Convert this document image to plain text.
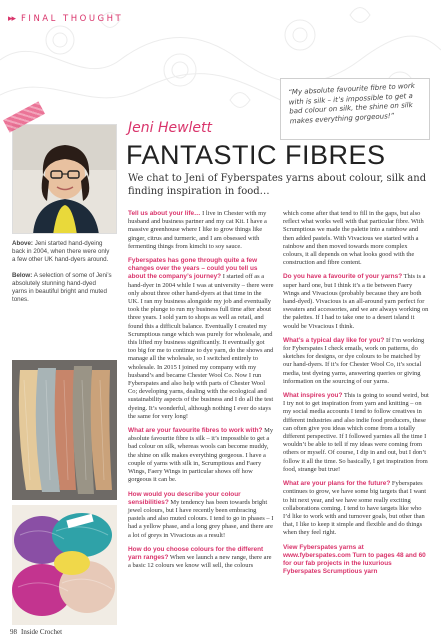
▸▸ FINAL THOUGHT
“My absolute favourite fibre to work with is silk – it’s impossible to get a bad colour on silk, the shine on silk makes everything gorgeous!”
Above: Jeni started hand-dyeing back in 2004, when there were only a few other UK hand-dyers around.
Below: A selection of some of Jeni’s absolutely stunning hand-dyed yarns in beautiful bright and muted tones.
Jeni Hewlett
FANTASTIC FIBRES
We chat to Jeni of Fyberspates yarns about colour, silk and finding inspiration in food…

Tell us about your life… I live in Chester with my husband and business partner and my cat Kit. I have a massive greenhouse where I like to grow things like ginger, citrus and turmeric, and I am obsessed with fermenting things from kimchi to soy sauce.

Fyberspates has gone through quite a few changes over the years – could you tell us about the company’s journey? I started off as a hand-dyer in 2004 while I was at university – there were only about three other hand-dyers at that time in the UK. I ran my business alongside my job and eventually took the plunge to run my business full time after about three years. I sold yarn to shops as well as retail, and found this a difficult balance. Eventually I created my Scrumptious range which was purely for wholesale, and this lifted my business significantly. It eventually got too big for me to continue to dye yarn, do the shows and manage all the wholesale, so I switched entirely to wholesale. In 2015 I joined my company with my husband’s and became Chester Wool Co. Now I run Fyberspates and also help with parts of Chester Wool Co; developing yarns, dealing with the ecological and sustainability aspects of the business and I do all the test dyeing. It’s wonderful, although nothing I ever do stays the same for very long!

What are your favourite fibres to work with? My absolute favourite fibre is silk – it’s impossible to get a bad colour on silk, whereas wools can become muddy, the shine on silk makes everything gorgeous. I have a couple of yarns with silk in, Scrumptious and Faery Wings, Faery Wings in particular shows off how gorgeous it can be.

How would you describe your colour sensibilities? My tendency has been towards bright jewel colours, but I have recently been embracing pastels and also muted colours. I tend to go in phases – I had a yellow phase, and a long grey phase, and there are a lot of greys in Vivacious as a result!

How do you choose colours for the different yarn ranges? When we launch a new range, there are a basic 12 colours we know will sell, the colours

which come after that tend to fill in the gaps, but also reflect what works well with that particular fibre. With Scrumptious we made the palette into a rainbow and then added pastels. With Vivacious we started with a rainbow and then moved towards more complex colours, it all depends on what looks good with the construction and fibre content.

Do you have a favourite of your yarns? This is a super hard one, but I think it’s a tie between Faery Wings and Vivacious (probably because they are both hand-dyed). Vivacious is an all-around yarn perfect for sweaters and accessories, and we are always working on the palettes. If I had to take one to a desert island it would be Vivacious I think.

What’s a typical day like for you? If I’m working for Fyberspates I check emails, work on patterns, do sketches for designs, or dye colours to be matched by our hand-dyers. If it’s for Chester Wool Co, it’s social media, test dyeing yarns, answering queries or giving information on the sourcing of our yarns.

What inspires you? This is going to sound weird, but I try not to get inspiration from yarn and knitting – on my social media accounts I tend to follow creatives in different industries and also indie food producers, these can often give you ideas which come from a totally different perspective. If I followed yarnies all the time I wouldn’t be able to tell if my ideas were coming from others or myself. Of course, I dip in and out, but I don’t follow it all the time. So basically, I get inspiration from food, strange but true!

What are your plans for the future? Fyberspates continues to grow, we have some big targets that I want to hit next year, and we have some really exciting collaborations coming. I tend to have targets like who I’d like to work with and turnover goals, but other than that, I like to keep it simple and flexible and do things when they feel right.

View Fyberspates yarns at www.fyberspates.com Turn to pages 48 and 60 for our fab projects in the luxurious Fyberspates Scrumptious yarn

98 Inside Crochet
